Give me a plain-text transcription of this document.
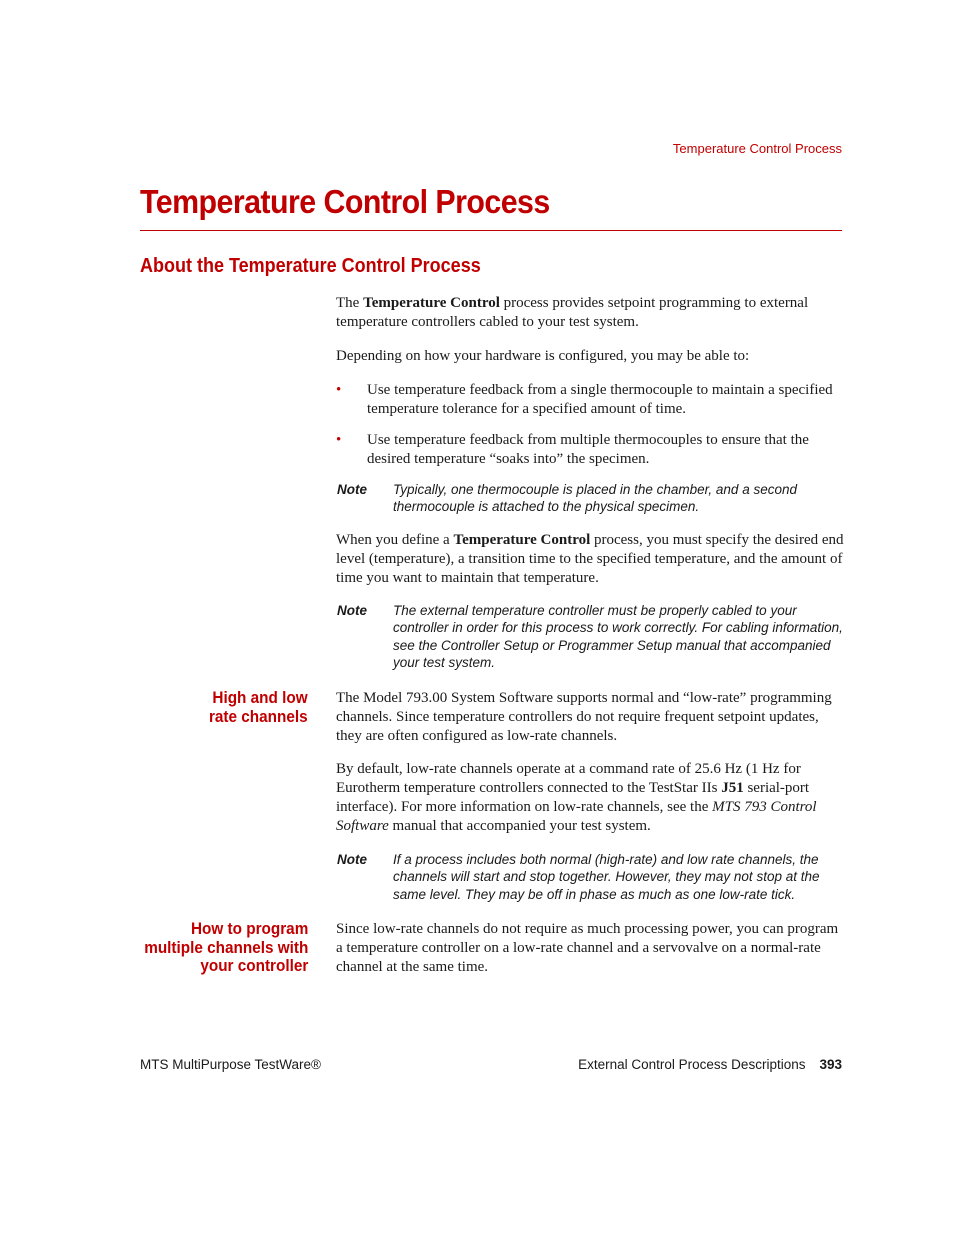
Temperature Control Process
Temperature Control Process
About the Temperature Control Process

The Temperature Control process provides setpoint programming to external temperature controllers cabled to your test system.

Depending on how your hardware is configured, you may be able to:

• Use temperature feedback from a single thermocouple to maintain a specified temperature tolerance for a specified amount of time.
• Use temperature feedback from multiple thermocouples to ensure that the desired temperature “soaks into” the specimen.
Note Typically, one thermocouple is placed in the chamber, and a second thermocouple is attached to the physical specimen.

When you define a Temperature Control process, you must specify the desired end level (temperature), a transition time to the specified temperature, and the amount of time you want to maintain that temperature.

Note The external temperature controller must be properly cabled to your controller in order for this process to work correctly. For cabling information, see the Controller Setup or Programmer Setup manual that accompanied your test system.
High and low
rate channels

The Model 793.00 System Software supports normal and “low-rate” programming channels. Since temperature controllers do not require frequent setpoint updates, they are often configured as low-rate channels.

By default, low-rate channels operate at a command rate of 25.6 Hz (1 Hz for Eurotherm temperature controllers connected to the TestStar IIs J51 serial-port interface). For more information on low-rate channels, see the MTS 793 Control Software manual that accompanied your test system.

Note If a process includes both normal (high-rate) and low rate channels, the channels will start and stop together. However, they may not stop at the same level. They may be off in phase as much as one low-rate tick.
How to program
multiple channels with
your controller

Since low-rate channels do not require as much processing power, you can program a temperature controller on a low-rate channel and a servovalve on a normal-rate channel at the same time.

MTS MultiPurpose TestWare®	External Control Process Descriptions 393
